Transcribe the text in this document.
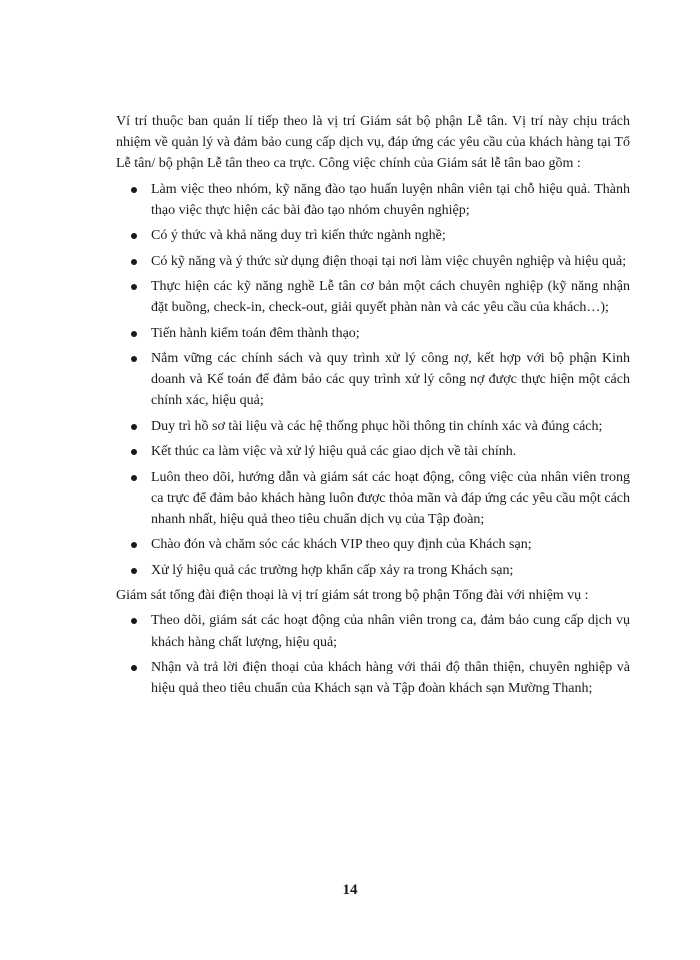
Ví trí thuộc ban quản lí tiếp theo là vị trí Giám sát bộ phận Lễ tân. Vị trí này chịu trách nhiệm về quản lý và đảm bảo cung cấp dịch vụ, đáp ứng các yêu cầu của khách hàng tại Tổ Lễ tân/ bộ phận Lễ tân theo ca trực. Công việc chính của Giám sát lễ tân bao gồm :

Làm việc theo nhóm, kỹ năng đào tạo huấn luyện nhân viên tại chỗ hiệu quả. Thành thạo việc thực hiện các bài đào tạo nhóm chuyên nghiệp;
Có ý thức và khả năng duy trì kiến thức ngành nghề;
Có kỹ năng và ý thức sử dụng điện thoại tại nơi làm việc chuyên nghiệp và hiệu quả;
Thực hiện các kỹ năng nghề Lễ tân cơ bản một cách chuyên nghiệp (kỹ năng nhận đặt buồng, check-in, check-out, giải quyết phàn nàn và các yêu cầu của khách…);
Tiến hành kiểm toán đêm thành thạo;
Nắm vững các chính sách và quy trình xử lý công nợ, kết hợp với bộ phận Kinh doanh và Kế toán để đảm bảo các quy trình xử lý công nợ được thực hiện một cách chính xác, hiệu quả;
Duy trì hồ sơ tài liệu và các hệ thống phục hồi thông tin chính xác và đúng cách;
Kết thúc ca làm việc và xử lý hiệu quả các giao dịch về tài chính.
Luôn theo dõi, hướng dẫn và giám sát các hoạt động, công việc của nhân viên trong ca trực để đảm bảo khách hàng luôn được thỏa mãn và đáp ứng các yêu cầu một cách nhanh nhất, hiệu quả theo tiêu chuẩn dịch vụ của Tập đoàn;
Chào đón và chăm sóc các khách VIP theo quy định của Khách sạn;
Xử lý hiệu quả các trường hợp khẩn cấp xảy ra trong Khách sạn;

Giám sát tổng đài điện thoại là vị trí giám sát trong bộ phận Tổng đài với nhiệm vụ :

Theo dõi, giám sát các hoạt động của nhân viên trong ca, đảm bảo cung cấp dịch vụ khách hàng chất lượng, hiệu quả;
Nhận và trả lời điện thoại của khách hàng với thái độ thân thiện, chuyên nghiệp và hiệu quả theo tiêu chuẩn của Khách sạn và Tập đoàn khách sạn Mường Thanh;
14
